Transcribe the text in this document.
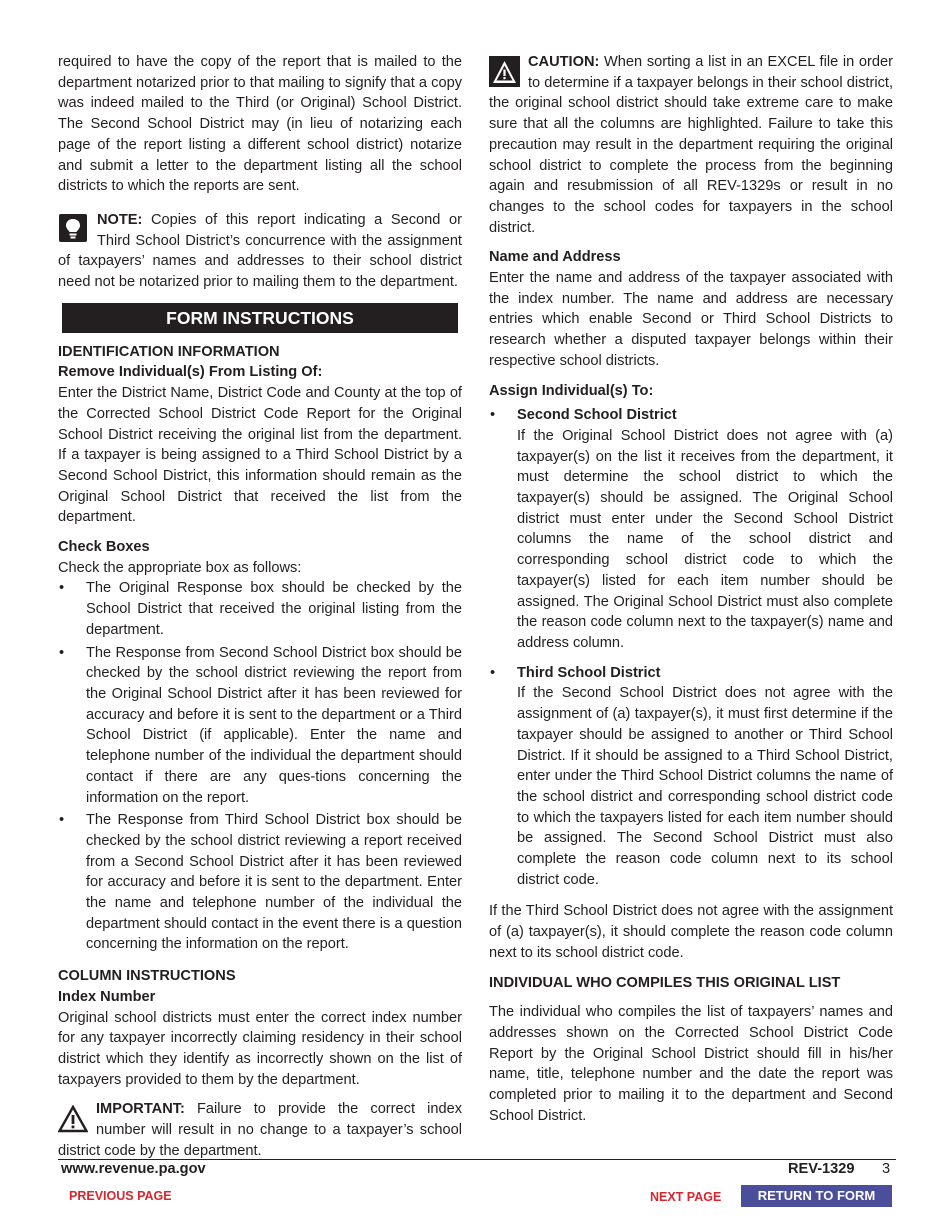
required to have the copy of the report that is mailed to the department notarized prior to that mailing to signify that a copy was indeed mailed to the Third (or Original) School District. The Second School District may (in lieu of notarizing each page of the report listing a different school district) notarize and submit a letter to the department listing all the school districts to which the reports are sent.

NOTE: Copies of this report indicating a Second or Third School District’s concurrence with the assignment of taxpayers’ names and addresses to their school district need not be notarized prior to mailing them to the department.

FORM INSTRUCTIONS

IDENTIFICATION INFORMATION

Remove Individual(s) From Listing Of:

Enter the District Name, District Code and County at the top of the Corrected School District Code Report for the Original School District receiving the original list from the department. If a taxpayer is being assigned to a Third School District by a Second School District, this information should remain as the Original School District that received the list from the department.

Check Boxes

Check the appropriate box as follows:

• The Original Response box should be checked by the School District that received the original listing from the department.
• The Response from Second School District box should be checked by the school district reviewing the report from the Original School District after it has been reviewed for accuracy and before it is sent to the department or a Third School District (if applicable). Enter the name and telephone number of the individual the department should contact if there are any ques-tions concerning the information on the report.
• The Response from Third School District box should be checked by the school district reviewing a report received from a Second School District after it has been reviewed for accuracy and before it is sent to the department. Enter the name and telephone number of the individual the department should contact in the event there is a question concerning the information on the report.

COLUMN INSTRUCTIONS

Index Number

Original school districts must enter the correct index number for any taxpayer incorrectly claiming residency in their school district which they identify as incorrectly shown on the list of taxpayers provided to them by the department.

IMPORTANT: Failure to provide the correct index number will result in no change to a taxpayer’s school district code by the department.

CAUTION: When sorting a list in an EXCEL file in order to determine if a taxpayer belongs in their school district, the original school district should take extreme care to make sure that all the columns are highlighted. Failure to take this precaution may result in the department requiring the original school district to complete the process from the beginning again and resubmission of all REV-1329s or result in no changes to the school codes for taxpayers in the school district.

Name and Address

Enter the name and address of the taxpayer associated with the index number. The name and address are necessary entries which enable Second or Third School Districts to research whether a disputed taxpayer belongs within their respective school districts.

Assign Individual(s) To:

• Second School District
If the Original School District does not agree with (a) taxpayer(s) on the list it receives from the department, it must determine the school district to which the taxpayer(s) should be assigned. The Original School district must enter under the Second School District columns the name of the school district and corresponding school district code to which the taxpayer(s) listed for each item number should be assigned. The Original School District must also complete the reason code column next to the taxpayer(s) name and address column.
• Third School District
If the Second School District does not agree with the assignment of (a) taxpayer(s), it must first determine if the taxpayer should be assigned to another or Third School District. If it should be assigned to a Third School District, enter under the Third School District columns the name of the school district and corresponding school district code to which the taxpayers listed for each item number should be assigned. The Second School District must also complete the reason code column next to its school district code.

If the Third School District does not agree with the assignment of (a) taxpayer(s), it should complete the reason code column next to its school district code.

INDIVIDUAL WHO COMPILES THIS ORIGINAL LIST

The individual who compiles the list of taxpayers’ names and addresses shown on the Corrected School District Code Report by the Original School District should fill in his/her name, title, telephone number and the date the report was completed prior to mailing it to the department and Second School District.

www.revenue.pa.gov	REV-1329 3
PREVIOUS PAGE	NEXT PAGE	RETURN TO FORM
